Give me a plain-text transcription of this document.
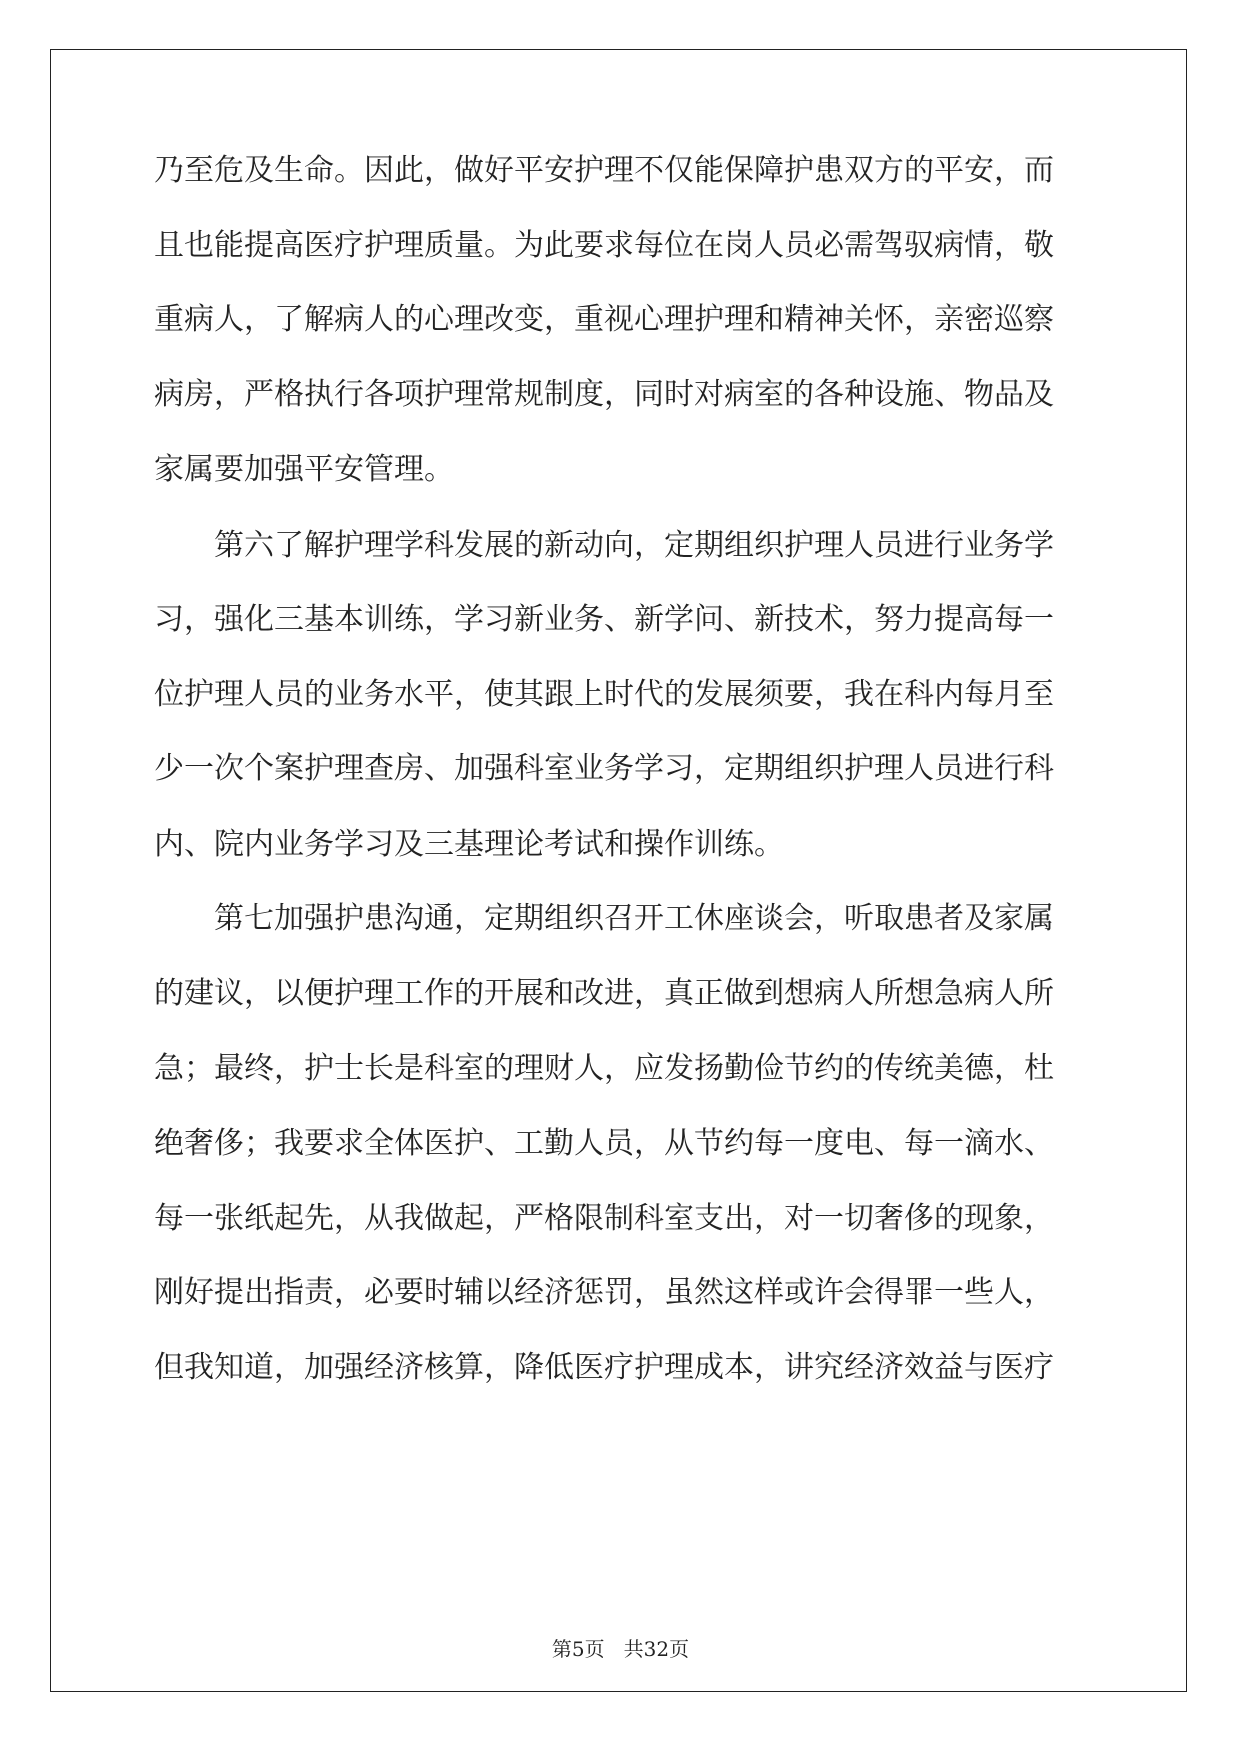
乃至危及生命。因此，做好平安护理不仅能保障护患双方的平安，而

且也能提高医疗护理质量。为此要求每位在岗人员必需驾驭病情，敬

重病人，了解病人的心理改变，重视心理护理和精神关怀，亲密巡察

病房，严格执行各项护理常规制度，同时对病室的各种设施、物品及

家属要加强平安管理。

第六了解护理学科发展的新动向，定期组织护理人员进行业务学

习，强化三基本训练，学习新业务、新学问、新技术，努力提高每一

位护理人员的业务水平，使其跟上时代的发展须要，我在科内每月至

少一次个案护理查房、加强科室业务学习，定期组织护理人员进行科

内、院内业务学习及三基理论考试和操作训练。

第七加强护患沟通，定期组织召开工休座谈会，听取患者及家属

的建议，以便护理工作的开展和改进，真正做到想病人所想急病人所

急；最终，护士长是科室的理财人，应发扬勤俭节约的传统美德，杜

绝奢侈；我要求全体医护、工勤人员，从节约每一度电、每一滴水、

每一张纸起先，从我做起，严格限制科室支出，对一切奢侈的现象，

刚好提出指责，必要时辅以经济惩罚，虽然这样或许会得罪一些人，

但我知道，加强经济核算，降低医疗护理成本，讲究经济效益与医疗

第5页 共32页
